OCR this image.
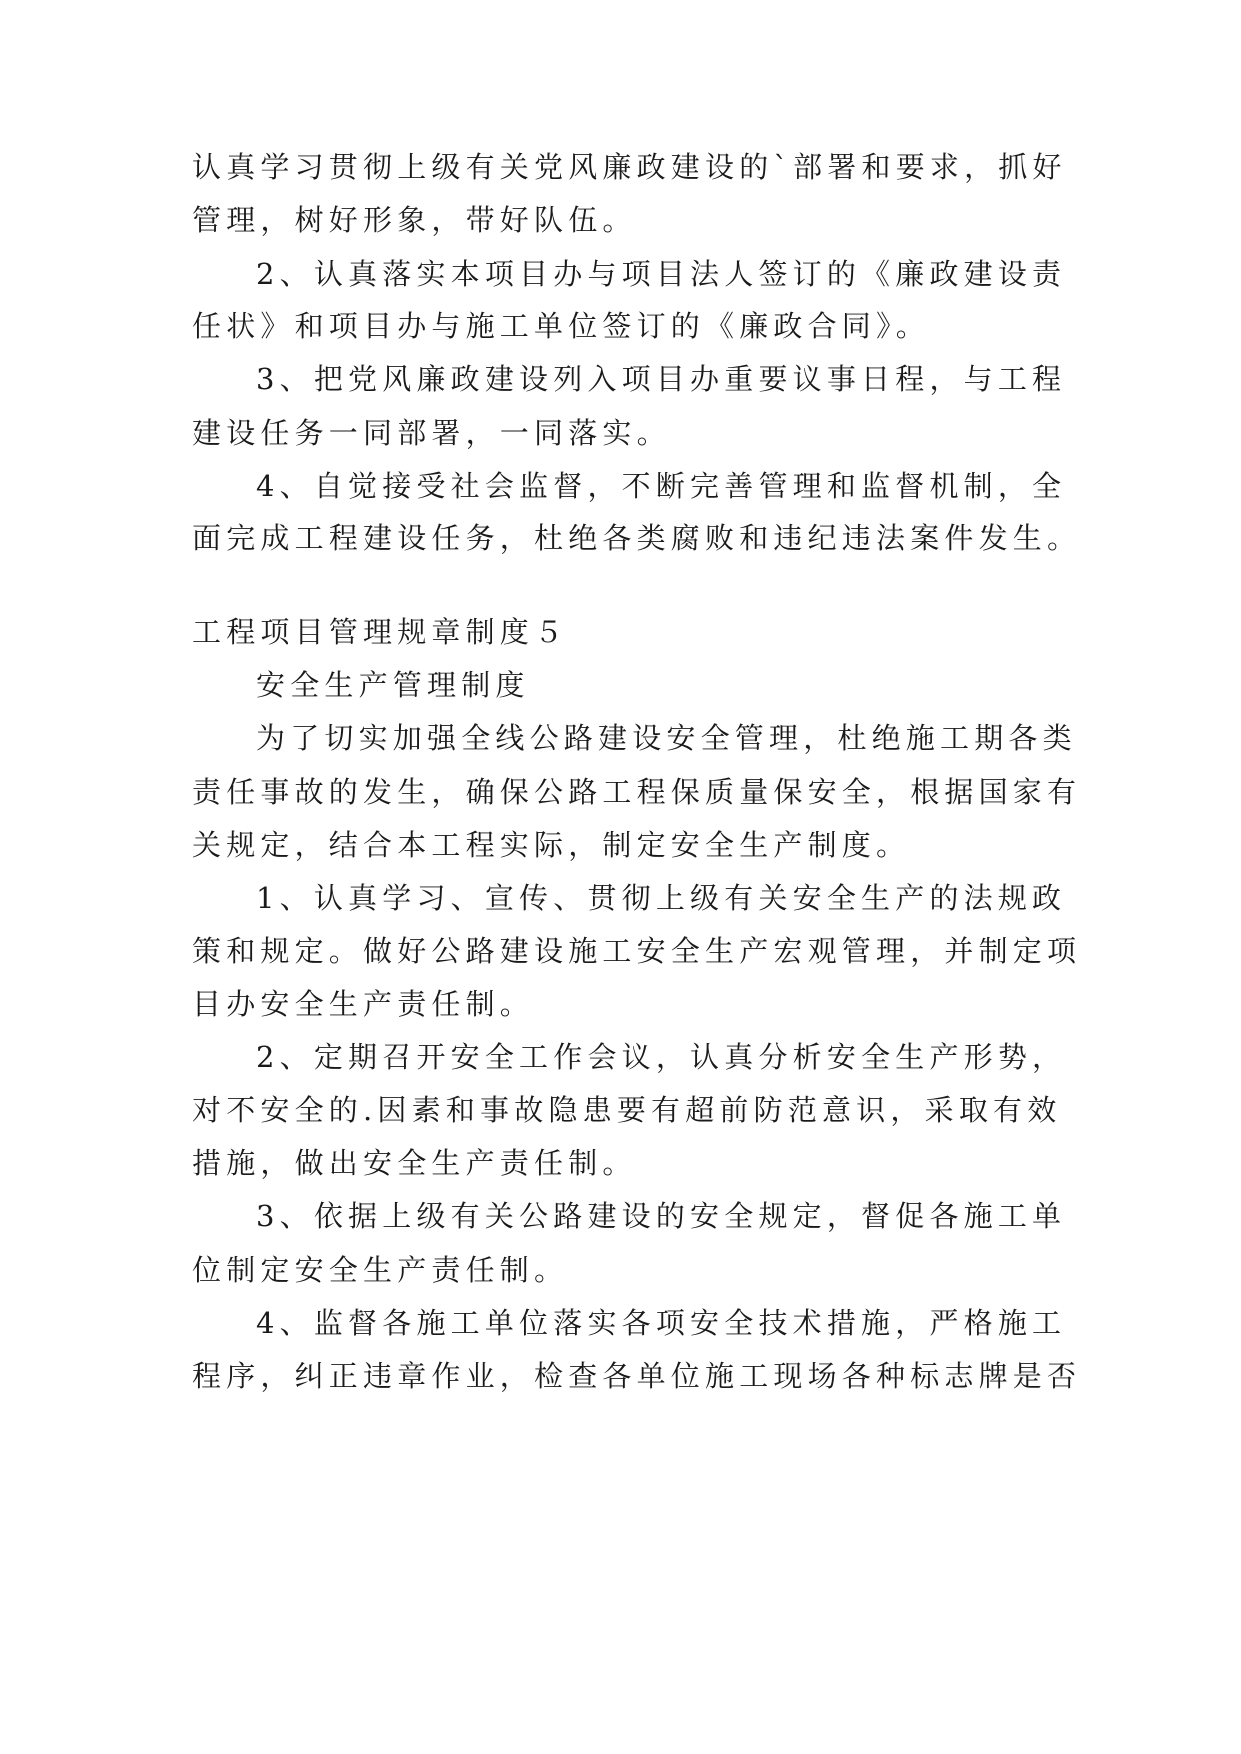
认真学习贯彻上级有关党风廉政建设的`部署和要求，抓好
管理，树好形象，带好队伍。
2、认真落实本项目办与项目法人签订的《廉政建设责
任状》和项目办与施工单位签订的《廉政合同》。
3、把党风廉政建设列入项目办重要议事日程，与工程
建设任务一同部署，一同落实。
4、自觉接受社会监督，不断完善管理和监督机制，全
面完成工程建设任务，杜绝各类腐败和违纪违法案件发生。
工程项目管理规章制度５
安全生产管理制度
为了切实加强全线公路建设安全管理，杜绝施工期各类
责任事故的发生，确保公路工程保质量保安全，根据国家有
关规定，结合本工程实际，制定安全生产制度。
1、认真学习、宣传、贯彻上级有关安全生产的法规政
策和规定。做好公路建设施工安全生产宏观管理，并制定项
目办安全生产责任制。
2、定期召开安全工作会议，认真分析安全生产形势，
对不安全的.因素和事故隐患要有超前防范意识，采取有效
措施，做出安全生产责任制。
3、依据上级有关公路建设的安全规定，督促各施工单
位制定安全生产责任制。
4、监督各施工单位落实各项安全技术措施，严格施工
程序，纠正违章作业，检查各单位施工现场各种标志牌是否
